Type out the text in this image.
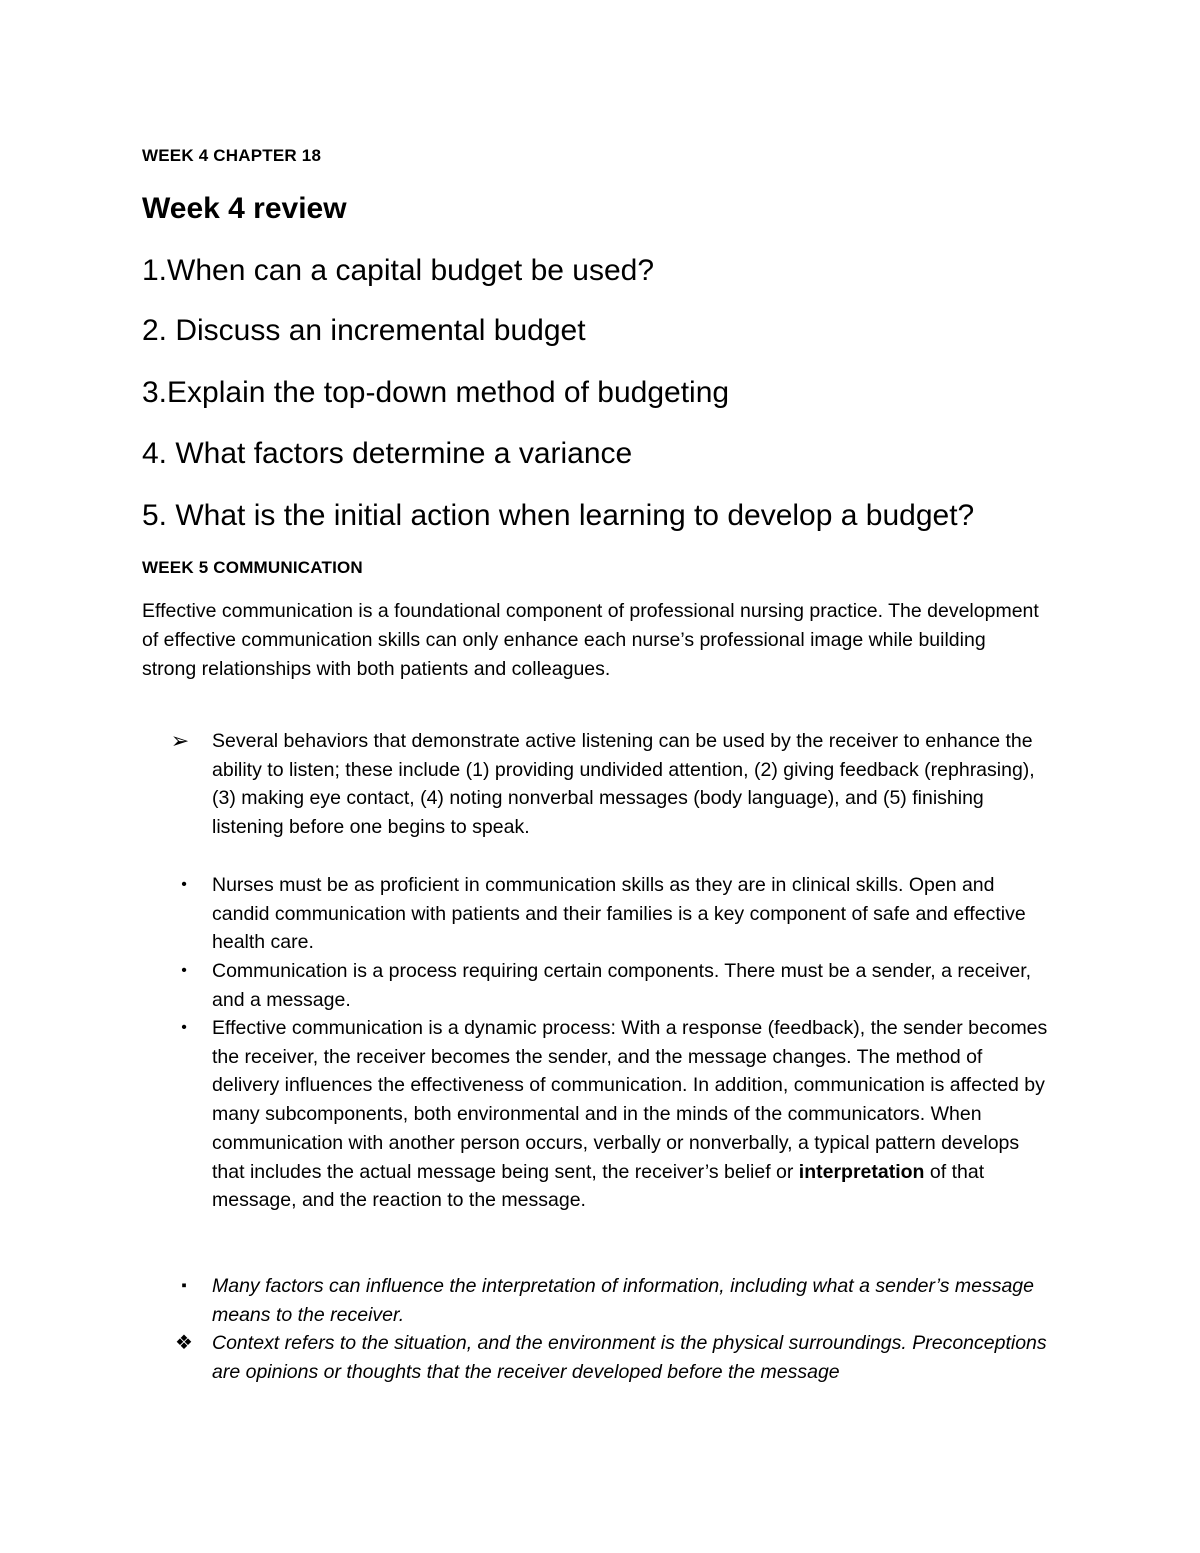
WEEK 4 CHAPTER 18

Week 4 review

1.When can a capital budget be used?

2. Discuss an incremental budget

3.Explain the top-down method of budgeting

4. What factors determine a variance

5. What is the initial action when learning to develop a budget?

WEEK 5 COMMUNICATION

Effective communication is a foundational component of professional nursing practice. The development of effective communication skills can only enhance each nurse’s professional image while building strong relationships with both patients and colleagues.

➢ Several behaviors that demonstrate active listening can be used by the receiver to enhance the ability to listen; these include (1) providing undivided attention, (2) giving feedback (rephrasing), (3) making eye contact, (4) noting nonverbal messages (body language), and (5) finishing listening before one begins to speak.

•	Nurses must be as proficient in communication skills as they are in clinical skills. Open and candid communication with patients and their families is a key component of safe and effective health care.

•	Communication is a process requiring certain components. There must be a sender, a receiver, and a message.

•	Effective communication is a dynamic process: With a response (feedback), the sender becomes the receiver, the receiver becomes the sender, and the message changes. The method of delivery influences the effectiveness of communication. In addition, communication is affected by many subcomponents, both environmental and in the minds of the communicators. When communication with another person occurs, verbally or nonverbally, a typical pattern develops that includes the actual message being sent, the receiver’s belief or interpretation of that message, and the reaction to the message.

▪	Many factors can influence the interpretation of information, including what a sender’s message means to the receiver.

❖ Context refers to the situation, and the environment is the physical surroundings. Preconceptions are opinions or thoughts that the receiver developed before the message
